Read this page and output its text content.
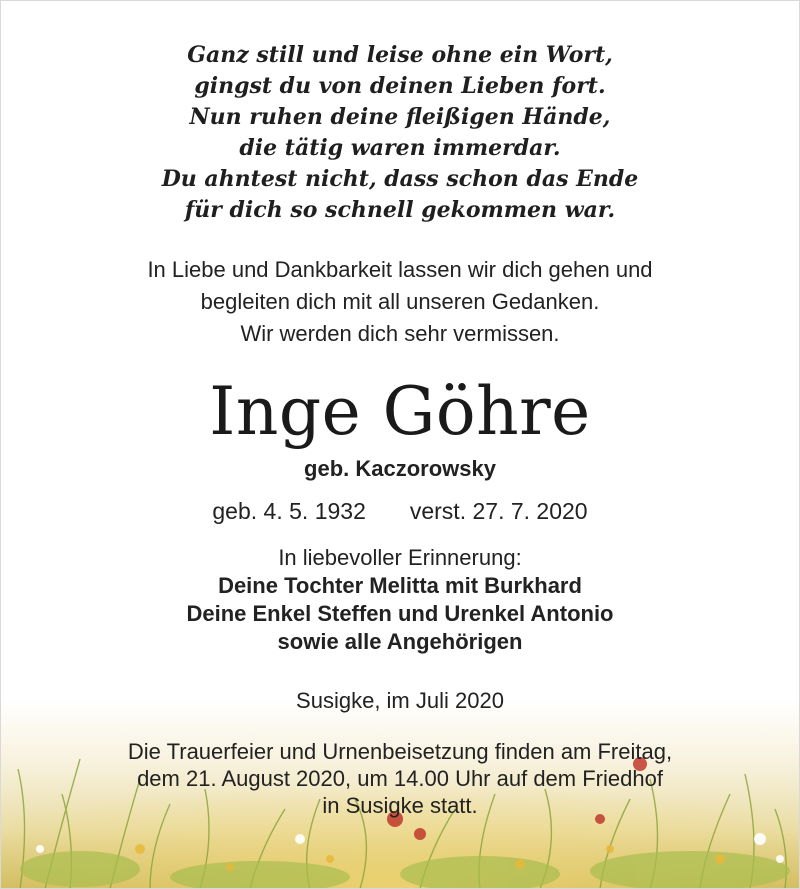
Ganz still und leise ohne ein Wort,
gingst du von deinen Lieben fort.
Nun ruhen deine fleißigen Hände,
die tätig waren immerdar.
Du ahntest nicht, dass schon das Ende
für dich so schnell gekommen war.
In Liebe und Dankbarkeit lassen wir dich gehen und
begleiten dich mit all unseren Gedanken.
Wir werden dich sehr vermissen.
Inge Göhre
geb. Kaczorowsky
geb. 4. 5. 1932 verst. 27. 7. 2020
In liebevoller Erinnerung:
Deine Tochter Melitta mit Burkhard
Deine Enkel Steffen und Urenkel Antonio
sowie alle Angehörigen
Susigke, im Juli 2020
Die Trauerfeier und Urnenbeisetzung finden am Freitag,
dem 21. August 2020, um 14.00 Uhr auf dem Friedhof
in Susigke statt.
